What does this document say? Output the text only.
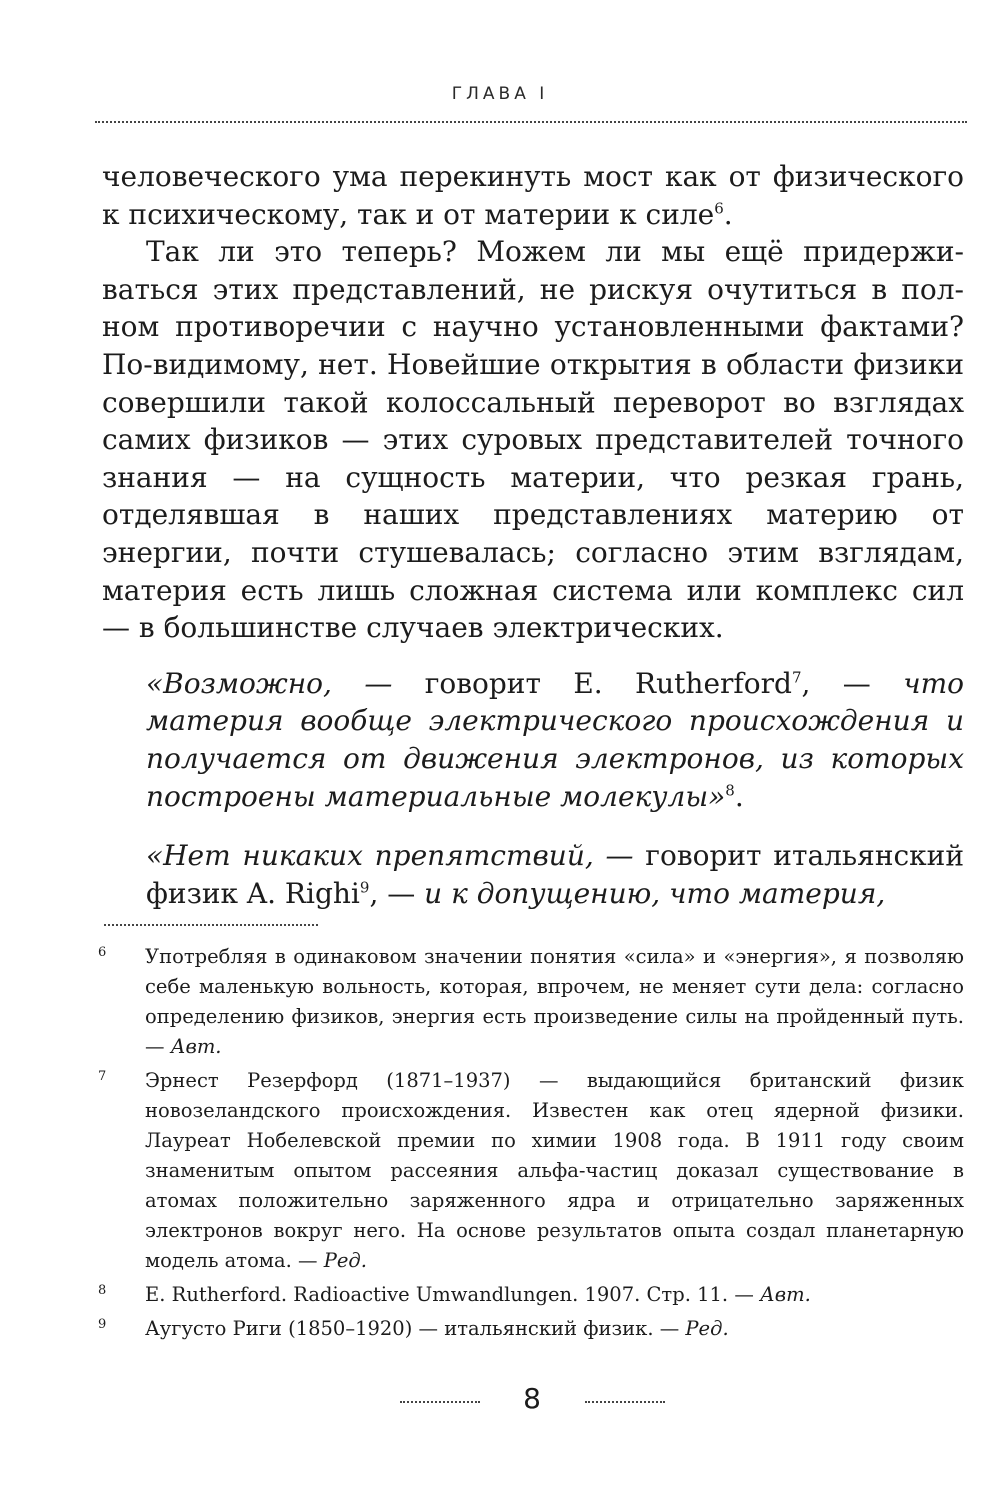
ГЛАВА I

человеческого ума перекинуть мост как от физического к психическому, так и от материи к силе$^6$.

Так ли это теперь? Можем ли мы ещё придерживаться этих представлений, не рискуя очутиться в полном противоречии с научно установленными фактами? По-видимому, нет. Новейшие открытия в области физики совершили такой колоссальный переворот во взглядах самих физиков — этих суровых представителей точного знания — на сущность материи, что резкая грань, отделявшая в наших представлениях материю от энергии, почти стушевалась; согласно этим взглядам, материя есть лишь сложная система или комплекс сил — в большинстве случаев электрических.

«Возможно, — говорит E. Rutherford$^7$, — что материя вообще электрического происхождения и получается от движения электронов, из которых построены материальные молекулы»$^8$.

«Нет никаких препятствий, — говорит итальянский физик A. Righi$^9$, — и к допущению, что материя,

6	Употребляя в одинаковом значении понятия «сила» и «энергия», я позволяю себе маленькую вольность, которая, впрочем, не меняет сути дела: согласно определению физиков, энергия есть произведение силы на пройденный путь. — Авт.
7	Эрнест Резерфорд (1871–1937) — выдающийся британский физик новозеландского происхождения. Известен как отец ядерной физики. Лауреат Нобелевской премии по химии 1908 года. В 1911 году своим знаменитым опытом рассеяния альфа-частиц доказал существование в атомах положительно заряженного ядра и отрицательно заряженных электронов вокруг него. На основе результатов опыта создал планетарную модель атома. — Ред.
8	E. Rutherford. Radioactive Umwandlungen. 1907. Стр. 11. — Авт.
9	Аугусто Риги (1850–1920) — итальянский физик. — Ред.
8
